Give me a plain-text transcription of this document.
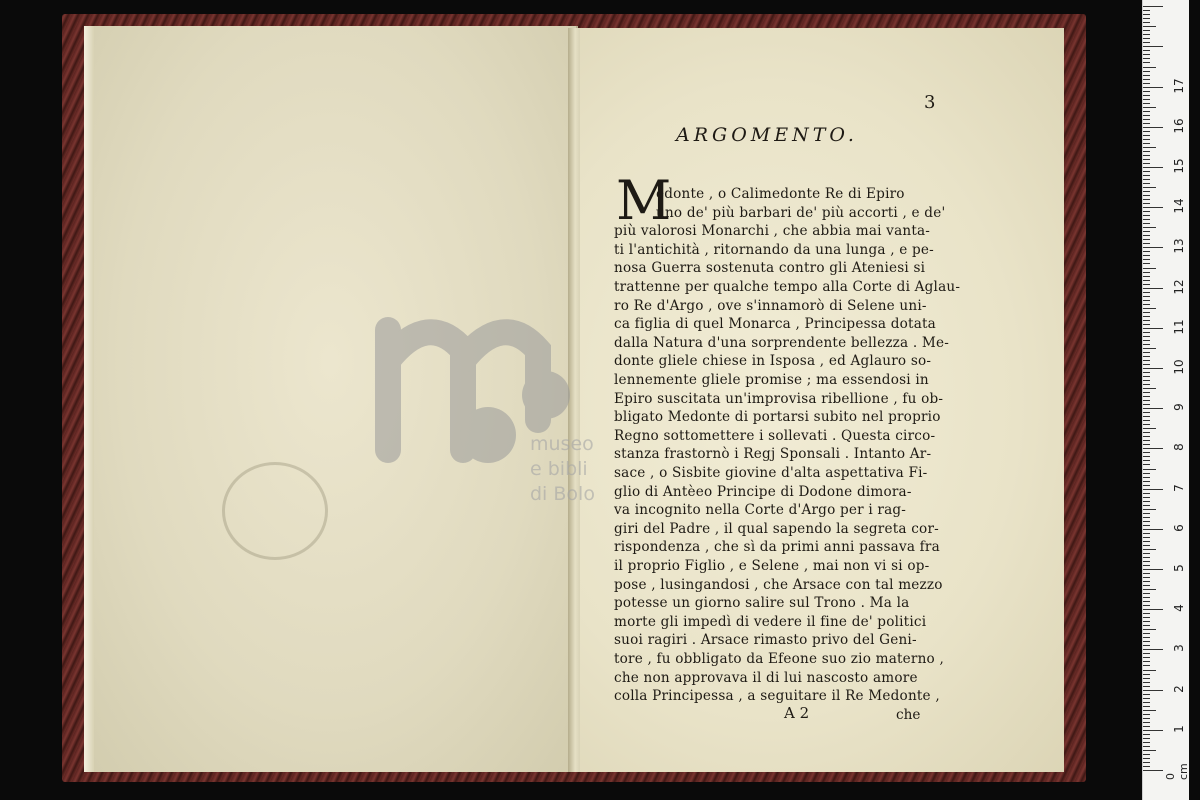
museo
e bibli
di Bolo
3
ARGOMENTO.
M
edonte , o Calimedonte Re di Epiro
uno de' più barbari de' più accorti , e de'
più valorosi Monarchi , che abbia mai vanta-
ti l'antichità , ritornando da una lunga , e pe-
nosa Guerra sostenuta contro gli Ateniesi si
trattenne per qualche tempo alla Corte di Aglau-
ro Re d'Argo , ove s'innamorò di Selene uni-
ca figlia di quel Monarca , Principessa dotata
dalla Natura d'una sorprendente bellezza . Me-
donte gliele chiese in Isposa , ed Aglauro so-
lennemente gliele promise ; ma essendosi in
Epiro suscitata un'improvisa ribellione , fu ob-
bligato Medonte di portarsi subito nel proprio
Regno sottomettere i sollevati . Questa circo-
stanza frastornò i Regj Sponsali . Intanto Ar-
sace , o Sisbite giovine d'alta aspettativa Fi-
glio di Antèeo Principe di Dodone dimora-
va incognito nella Corte d'Argo per i rag-
giri del Padre , il qual sapendo la segreta cor-
rispondenza , che sì da primi anni passava fra
il proprio Figlio , e Selene , mai non vi si op-
pose , lusingandosi , che Arsace con tal mezzo
potesse un giorno salire sul Trono . Ma la
morte gli impedì di vedere il fine de' politici
suoi ragiri . Arsace rimasto privo del Geni-
tore , fu obbligato da Efeone suo zio materno ,
che non approvava il di lui nascosto amore
colla Principessa , a seguitare il Re Medonte ,
A 2	che
0 cm
1
2
3
4
5
6
7
8
9
10
11
12
13
14
15
16
17
